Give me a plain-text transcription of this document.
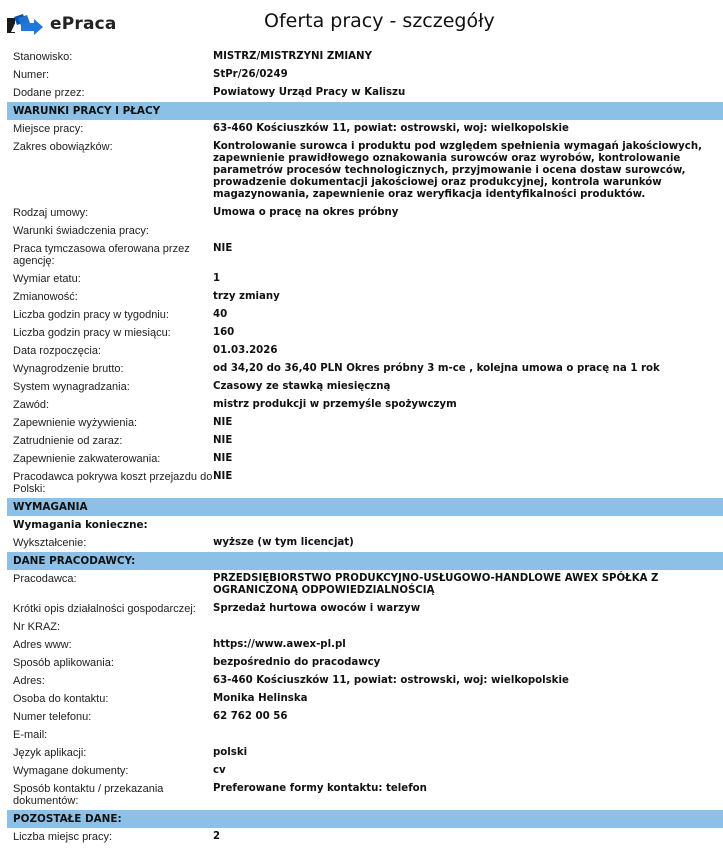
ePraca	Oferta pracy - szczegóły
Stanowisko:	MISTRZ/MISTRZYNI ZMIANY
Numer:	StPr/26/0249
Dodane przez:	Powiatowy Urząd Pracy w Kaliszu
WARUNKI PRACY I PŁACY
Miejsce pracy:	63-460 Kościuszków 11, powiat: ostrowski, woj: wielkopolskie
Zakres obowiązków:	Kontrolowanie surowca i produktu pod względem spełnienia wymagań jakościowych, zapewnienie prawidłowego oznakowania surowców oraz wyrobów, kontrolowanie parametrów procesów technologicznych, przyjmowanie i ocena dostaw surowców, prowadzenie dokumentacji jakościowej oraz produkcyjnej, kontrola warunków magazynowania, zapewnienie oraz weryfikacja identyfikalności produktów.
Rodzaj umowy:	Umowa o pracę na okres próbny
Warunki świadczenia pracy:
Praca tymczasowa oferowana przez agencję:
NIE
Wymiar etatu:	1
Zmianowość:	trzy zmiany
Liczba godzin pracy w tygodniu:	40
Liczba godzin pracy w miesiącu:	160
Data rozpoczęcia:	01.03.2026
Wynagrodzenie brutto:	od 34,20 do 36,40 PLN Okres próbny 3 m-ce , kolejna umowa o pracę na 1 rok
System wynagradzania:	Czasowy ze stawką miesięczną
Zawód:	mistrz produkcji w przemyśle spożywczym
Zapewnienie wyżywienia:	NIE
Zatrudnienie od zaraz:	NIE
Zapewnienie zakwaterowania:	NIE
Pracodawca pokrywa koszt przejazdu do Polski:
NIE
WYMAGANIA
Wymagania konieczne:
Wykształcenie:	wyższe (w tym licencjat)
DANE PRACODAWCY:
Pracodawca:	PRZEDSIĘBIORSTWO PRODUKCYJNO-USŁUGOWO-HANDLOWE AWEX SPÓŁKA Z OGRANICZONĄ ODPOWIEDZIALNOŚCIĄ
Krótki opis działalności gospodarczej:	Sprzedaż hurtowa owoców i warzyw
Nr KRAZ:
Adres www:	https://www.awex-pl.pl
Sposób aplikowania:	bezpośrednio do pracodawcy
Adres:	63-460 Kościuszków 11, powiat: ostrowski, woj: wielkopolskie
Osoba do kontaktu:	Monika Helinska
Numer telefonu:	62 762 00 56
E-mail:
Język aplikacji:	polski
Wymagane dokumenty:	cv
Sposób kontaktu / przekazania dokumentów:
Preferowane formy kontaktu: telefon
POZOSTAŁE DANE:
Liczba miejsc pracy:	2
